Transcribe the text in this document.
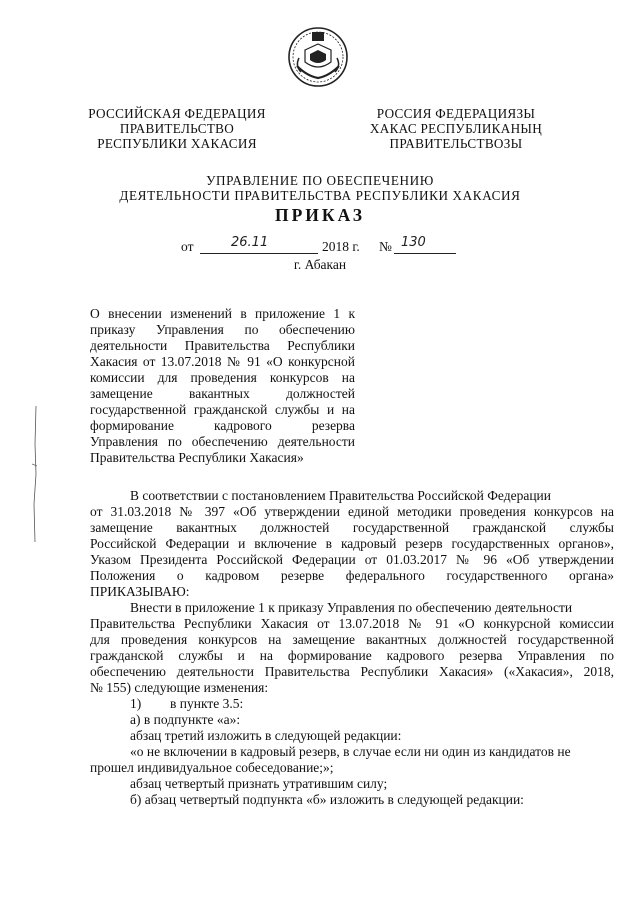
РОССИЙСКАЯ ФЕДЕРАЦИЯ
ПРАВИТЕЛЬСТВО
РЕСПУБЛИКИ ХАКАСИЯ
РОССИЯ ФЕДЕРАЦИЯЗЫ
ХАКАС РЕСПУБЛИКАНЫҢ
ПРАВИТЕЛЬСТВОЗЫ
УПРАВЛЕНИЕ ПО ОБЕСПЕЧЕНИЮ
ДЕЯТЕЛЬНОСТИ ПРАВИТЕЛЬСТВА РЕСПУБЛИКИ ХАКАСИЯ
ПРИКАЗ
от	26.11	2018 г. № 130
г. Абакан
О внесении изменений в приложение 1 к
приказу Управления по обеспечению
деятельности Правительства Республики
Хакасия от 13.07.2018 № 91 «О конкурсной
комиссии для проведения конкурсов на
замещение вакантных должностей
государственной гражданской службы и на
формирование кадрового резерва
Управления по обеспечению деятельности
Правительства Республики Хакасия»
В соответствии с постановлением Правительства Российской Федерации
от 31.03.2018 № 397 «Об утверждении единой методики проведения конкурсов на
замещение вакантных должностей государственной гражданской службы
Российской Федерации и включение в кадровый резерв государственных органов»,
Указом Президента Российской Федерации от 01.03.2017 № 96 «Об утверждении
Положения о кадровом резерве федерального государственного органа»
ПРИКАЗЫВАЮ:
Внести в приложение 1 к приказу Управления по обеспечению деятельности
Правительства Республики Хакасия от 13.07.2018 № 91 «О конкурсной комиссии
для проведения конкурсов на замещение вакантных должностей государственной
гражданской службы и на формирование кадрового резерва Управления по
обеспечению деятельности Правительства Республики Хакасия» («Хакасия», 2018,
№ 155) следующие изменения:
1) в пункте 3.5:
а) в подпункте «а»:
абзац третий изложить в следующей редакции:
«о не включении в кадровый резерв, в случае если ни один из кандидатов не
прошел индивидуальное собеседование;»;
абзац четвертый признать утратившим силу;
б) абзац четвертый подпункта «б» изложить в следующей редакции:
